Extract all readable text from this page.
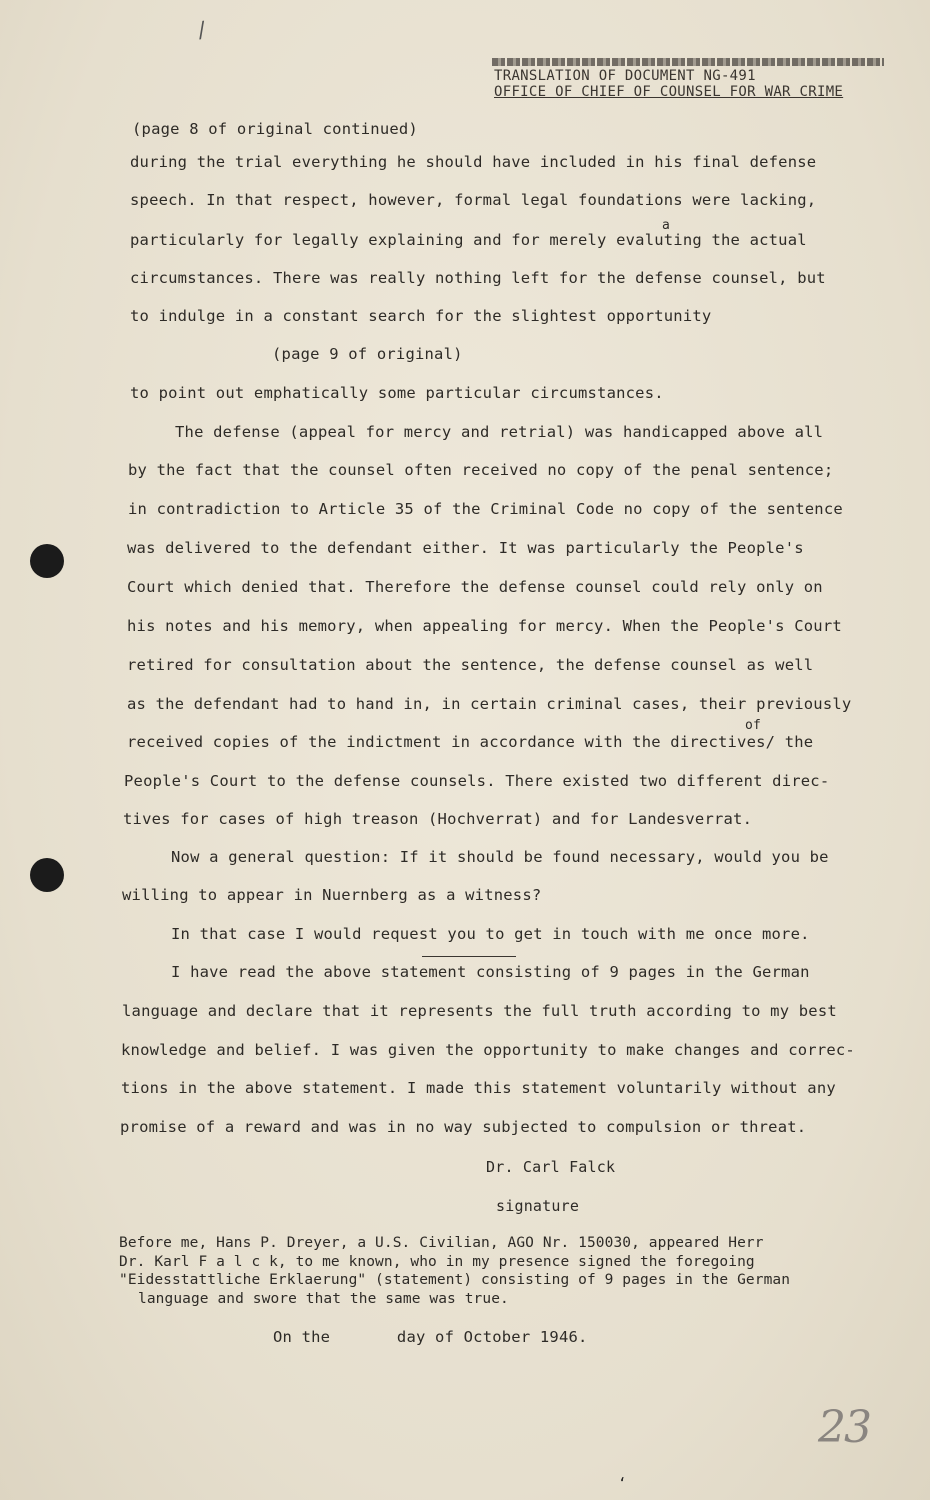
/
TRANSLATION OF DOCUMENT NG-491
OFFICE OF CHIEF OF COUNSEL FOR WAR CRIME
(page 8 of original continued)
during the trial everything he should have included in his final defense
speech. In that respect, however, formal legal foundations were lacking,
a
particularly for legally explaining and for merely evaluting the actual
circumstances. There was really nothing left for the defense counsel, but
to indulge in a constant search for the slightest opportunity
(page 9 of original)
to point out emphatically some particular circumstances.
The defense (appeal for mercy and retrial) was handicapped above all
by the fact that the counsel often received no copy of the penal sentence;
in contradiction to Article 35 of the Criminal Code no copy of the sentence
was delivered to the defendant either. It was particularly the People's
Court which denied that. Therefore the defense counsel could rely only on
his notes and his memory, when appealing for mercy. When the People's Court
retired for consultation about the sentence, the defense counsel as well
as the defendant had to hand in, in certain criminal cases, their previously
of
received copies of the indictment in accordance with the directives/ the
People's Court to the defense counsels. There existed two different direc-
tives for cases of high treason (Hochverrat) and for Landesverrat.
Now a general question: If it should be found necessary, would you be
willing to appear in Nuernberg as a witness?
In that case I would request you to get in touch with me once more.
I have read the above statement consisting of 9 pages in the German
language and declare that it represents the full truth according to my best
knowledge and belief. I was given the opportunity to make changes and correc-
tions in the above statement. I made this statement voluntarily without any
promise of a reward and was in no way subjected to compulsion or threat.
Dr. Carl Falck
signature
Before me, Hans P. Dreyer, a U.S. Civilian, AGO Nr. 150030, appeared Herr
Dr. Karl F a l c k, to me known, who in my presence signed the foregoing
"Eidesstattliche Erklaerung" (statement) consisting of 9 pages in the German
language and swore that the same was true.
On the       day of October 1946.
23
‘
